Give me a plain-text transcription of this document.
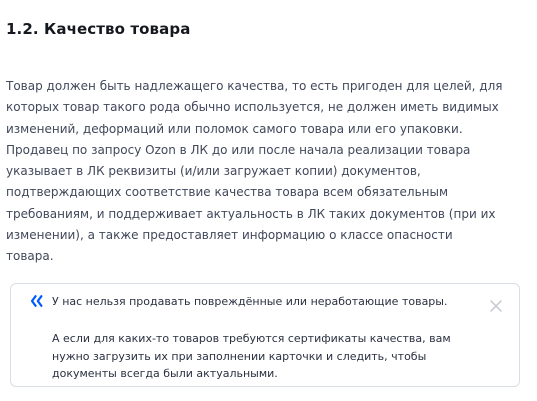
1.2. Качество товара
Товар должен быть надлежащего качества, то есть пригоден для целей, для
которых товар такого рода обычно используется, не должен иметь видимых
изменений, деформаций или поломок самого товара или его упаковки.
Продавец по запросу Ozon в ЛК до или после начала реализации товара
указывает в ЛК реквизиты (и/или загружает копии) документов,
подтверждающих соответствие качества товара всем обязательным
требованиям, и поддерживает актуальность в ЛК таких документов (при их
изменении), а также предоставляет информацию о классе опасности
товара.

У нас нельзя продавать повреждённые или неработающие товары.

А если для каких-то товаров требуются сертификаты качества, вам
нужно загрузить их при заполнении карточки и следить, чтобы
документы всегда были актуальными.
